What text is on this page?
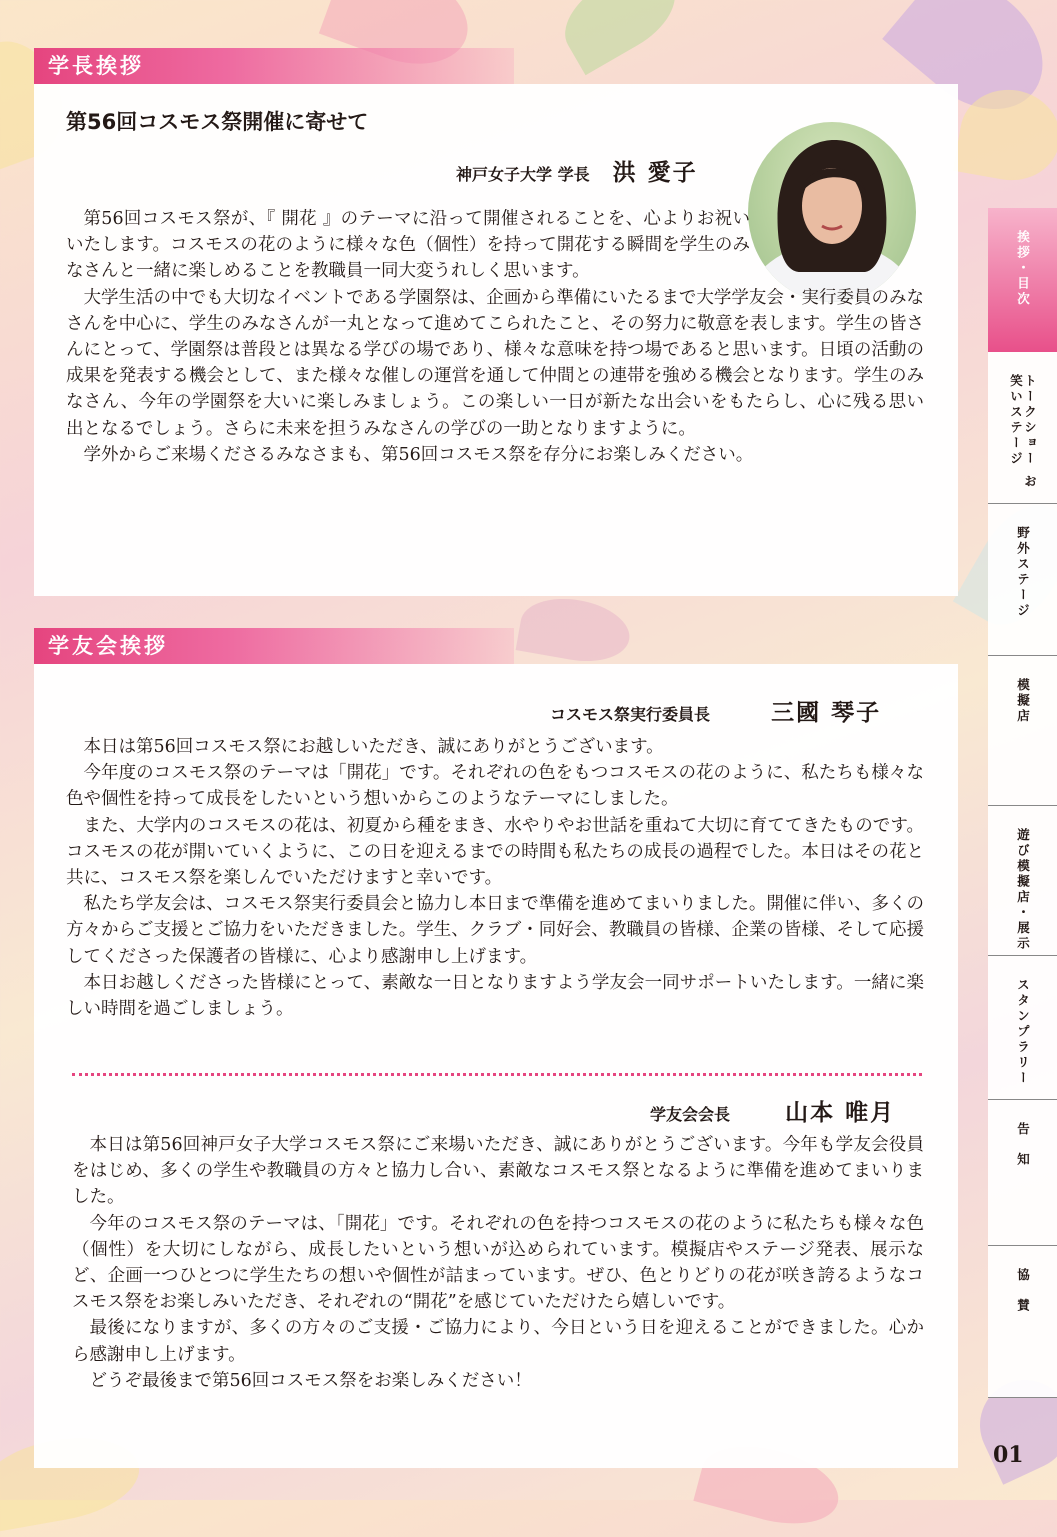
学長挨拶
第56回コスモス祭開催に寄せて
神戸女子大学 学長 洪 愛子

第56回コスモス祭が、『 開花 』のテーマに沿って開催されることを、心よりお祝いいたします。コスモスの花のように様々な色（個性）を持って開花する瞬間を学生のみなさんと一緒に楽しめることを教職員一同大変うれしく思います。

大学生活の中でも大切なイベントである学園祭は、企画から準備にいたるまで大学学友会・実行委員のみなさんを中心に、学生のみなさんが一丸となって進めてこられたこと、その努力に敬意を表します。学生の皆さんにとって、学園祭は普段とは異なる学びの場であり、様々な意味を持つ場であると思います。日頃の活動の成果を発表する機会として、また様々な催しの運営を通して仲間との連帯を強める機会となります。学生のみなさん、今年の学園祭を大いに楽しみましょう。この楽しい一日が新たな出会いをもたらし、心に残る思い出となるでしょう。さらに未来を担うみなさんの学びの一助となりますように。

学外からご来場くださるみなさまも、第56回コスモス祭を存分にお楽しみください。

学友会挨拶
コスモス祭実行委員長	三國 琴子

本日は第56回コスモス祭にお越しいただき、誠にありがとうございます。

今年度のコスモス祭のテーマは「開花」です。それぞれの色をもつコスモスの花のように、私たちも様々な色や個性を持って成長をしたいという想いからこのようなテーマにしました。

また、大学内のコスモスの花は、初夏から種をまき、水やりやお世話を重ねて大切に育ててきたものです。コスモスの花が開いていくように、この日を迎えるまでの時間も私たちの成長の過程でした。本日はその花と共に、コスモス祭を楽しんでいただけますと幸いです。

私たち学友会は、コスモス祭実行委員会と協力し本日まで準備を進めてまいりました。開催に伴い、多くの方々からご支援とご協力をいただきました。学生、クラブ・同好会、教職員の皆様、企業の皆様、そして応援してくださった保護者の皆様に、心より感謝申し上げます。

本日お越しくださった皆様にとって、素敵な一日となりますよう学友会一同サポートいたします。一緒に楽しい時間を過ごしましょう。

学友会会長 山本 唯月

本日は第56回神戸女子大学コスモス祭にご来場いただき、誠にありがとうございます。今年も学友会役員をはじめ、多くの学生や教職員の方々と協力し合い、素敵なコスモス祭となるように準備を進めてまいりました。

今年のコスモス祭のテーマは、「開花」です。それぞれの色を持つコスモスの花のように私たちも様々な色（個性）を大切にしながら、成長したいという想いが込められています。模擬店やステージ発表、展示など、企画一つひとつに学生たちの想いや個性が詰まっています。ぜひ、色とりどりの花が咲き誇るようなコスモス祭をお楽しみいただき、それぞれの“開花”を感じていただけたら嬉しいです。

最後になりますが、多くの方々のご支援・ご協力により、今日という日を迎えることができました。心から感謝申し上げます。

どうぞ最後まで第56回コスモス祭をお楽しみください！

挨拶・目次
トークショー お笑いステージ
野外ステージ
模擬店
遊び模擬店・展示
スタンプラリー
告知
協賛
01
